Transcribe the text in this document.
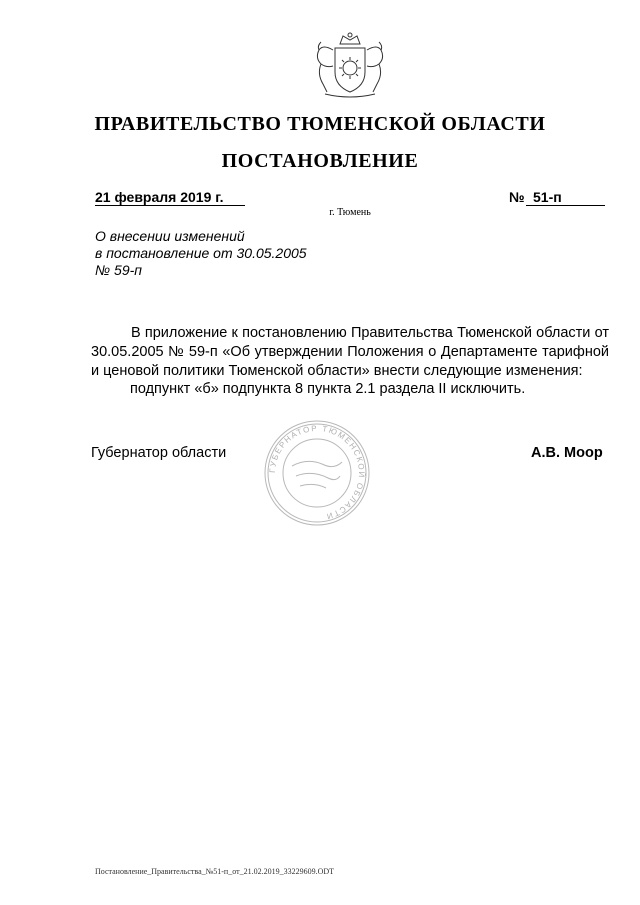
ПРАВИТЕЛЬСТВО ТЮМЕНСКОЙ ОБЛАСТИ
ПОСТАНОВЛЕНИЕ
21 февраля 2019 г.	№ 51-п
г. Тюмень
О внесении изменений
в постановление от 30.05.2005
№ 59-п
В приложение к постановлению Правительства Тюменской области от 30.05.2005 № 59-п «Об утверждении Положения о Департаменте тарифной и ценовой политики Тюменской области» внести следующие изменения:
подпункт «б» подпункта 8 пункта 2.1 раздела II исключить.
Губернатор области
ГУБЕРНАТОР ТЮМЕНСКОЙ ОБЛАСТИ
А.В. Моор
Постановление_Правительства_№51-п_от_21.02.2019_33229609.ODT
